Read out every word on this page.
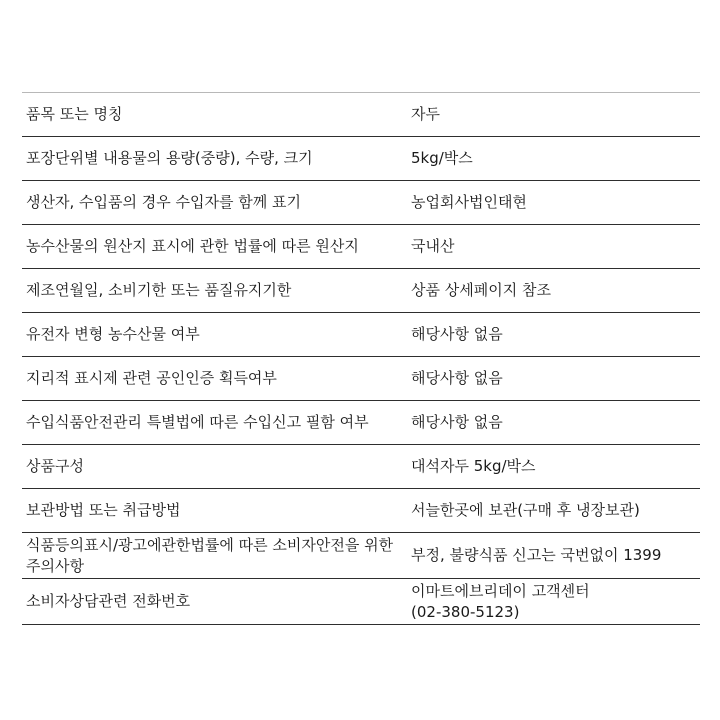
품목 또는 명칭	자두
포장단위별 내용물의 용량(중량), 수량, 크기	5kg/박스
생산자, 수입품의 경우 수입자를 함께 표기	농업회사법인태현
농수산물의 원산지 표시에 관한 법률에 따른 원산지	국내산
제조연월일, 소비기한 또는 품질유지기한	상품 상세페이지 참조
유전자 변형 농수산물 여부	해당사항 없음
지리적 표시제 관련 공인인증 획득여부	해당사항 없음
수입식품안전관리 특별법에 따른 수입신고 필함 여부	해당사항 없음
상품구성	대석자두 5kg/박스
보관방법 또는 취급방법	서늘한곳에 보관(구매 후 냉장보관)
식품등의표시/광고에관한법률에 따른 소비자안전을 위한 주의사항	부정, 불량식품 신고는 국번없이 1399
소비자상담관련 전화번호	이마트에브리데이 고객센터
(02-380-5123)
